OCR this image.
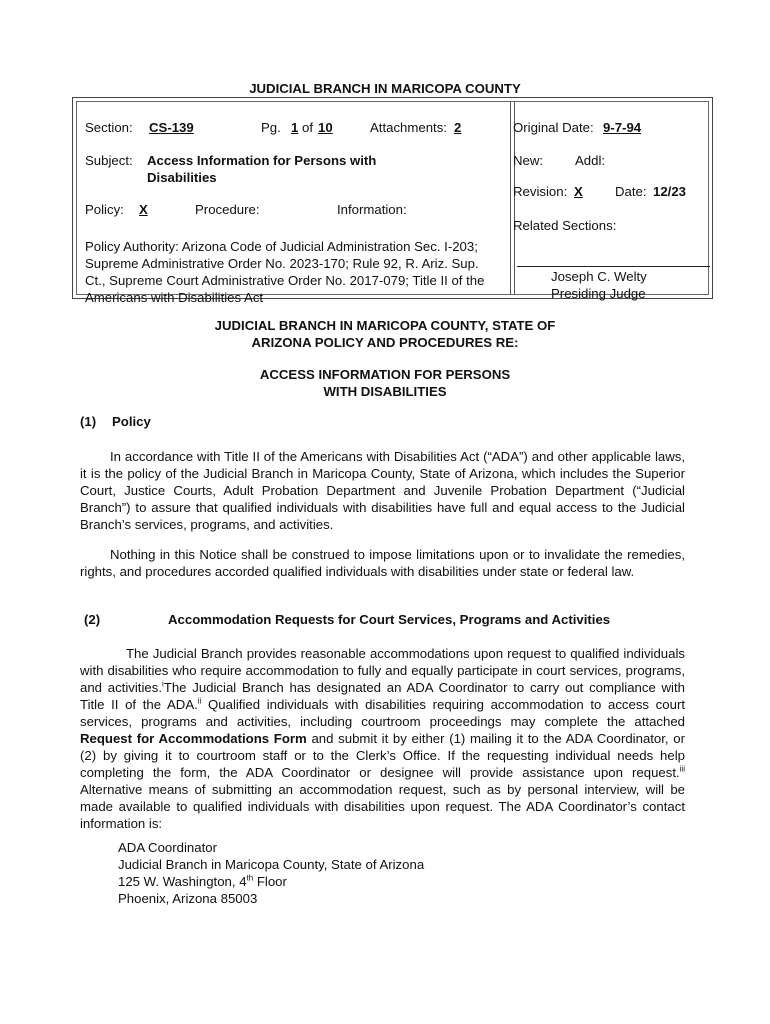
JUDICIAL BRANCH IN MARICOPA COUNTY
Section: CS-139	Pg. 1 of 10	Attachments: 2
Subject: Access Information for Persons with
Disabilities
Policy: X	Procedure:	Information:
Policy Authority: Arizona Code of Judicial Administration Sec. I-203; Supreme Administrative Order No. 2023-170; Rule 92, R. Ariz. Sup. Ct., Supreme Court Administrative Order No. 2017-079; Title II of the Americans with Disabilities Act
Original Date: 9-7-94
New: Addl:
Revision: X Date: 12/23
Related Sections:
Joseph C. Welty
Presiding Judge
JUDICIAL BRANCH IN MARICOPA COUNTY, STATE OF
ARIZONA POLICY AND PROCEDURES RE:
ACCESS INFORMATION FOR PERSONS
WITH DISABILITIES
(1) Policy
In accordance with Title II of the Americans with Disabilities Act (“ADA”) and other applicable laws, it is the policy of the Judicial Branch in Maricopa County, State of Arizona, which includes the Superior Court, Justice Courts, Adult Probation Department and Juvenile Probation Department (“Judicial Branch”) to assure that qualified individuals with disabilities have full and equal access to the Judicial Branch’s services, programs, and activities.
Nothing in this Notice shall be construed to impose limitations upon or to invalidate the remedies, rights, and procedures accorded qualified individuals with disabilities under state or federal law.
(2)	Accommodation Requests for Court Services, Programs and Activities
The Judicial Branch provides reasonable accommodations upon request to qualified individuals with disabilities who require accommodation to fully and equally participate in court services, programs, and activities.$^i$The Judicial Branch has designated an ADA Coordinator to carry out compliance with Title II of the ADA.$^{ii}$ Qualified individuals with disabilities requiring accommodation to access court services, programs and activities, including courtroom proceedings may complete the attached Request for Accommodations Form and submit it by either (1) mailing it to the ADA Coordinator, or (2) by giving it to courtroom staff or to the Clerk’s Office. If the requesting individual needs help completing the form, the ADA Coordinator or designee will provide assistance upon request.$^{iii}$ Alternative means of submitting an accommodation request, such as by personal interview, will be made available to qualified individuals with disabilities upon request. The ADA Coordinator’s contact information is:
ADA Coordinator
Judicial Branch in Maricopa County, State of Arizona
125 W. Washington, 4th Floor
Phoenix, Arizona 85003
